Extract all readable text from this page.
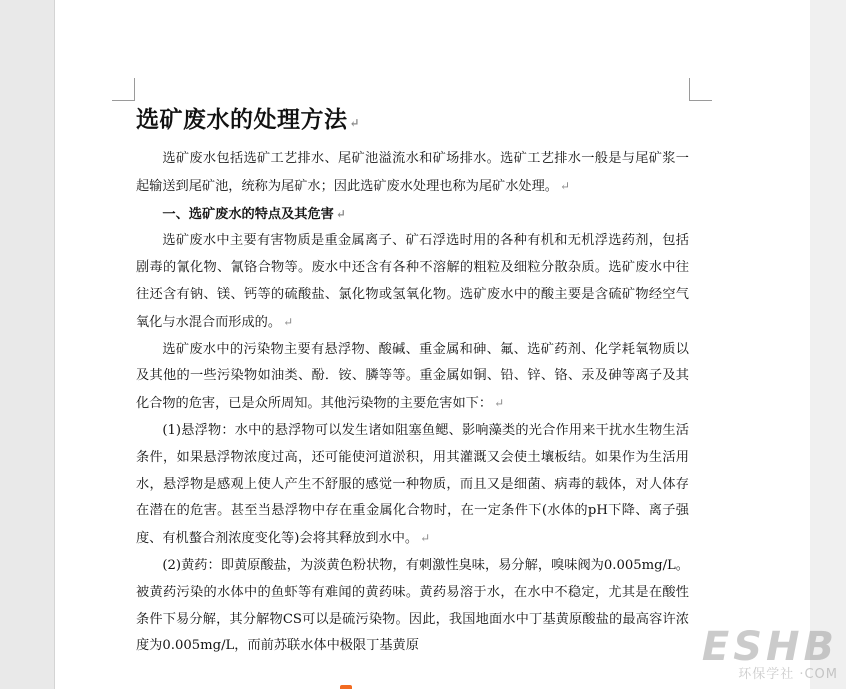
选矿废水的处理方法 ↵

选矿废水包括选矿工艺排水、尾矿池溢流水和矿场排水。选矿工艺排水一般是与尾矿浆一起输送到尾矿池，统称为尾矿水；因此选矿废水处理也称为尾矿水处理。 ↵

一、选矿废水的特点及其危害 ↵

选矿废水中主要有害物质是重金属离子、矿石浮选时用的各种有机和无机浮选药剂，包括剧毒的氰化物、氰铬合物等。废水中还含有各种不溶解的粗粒及细粒分散杂质。选矿废水中往往还含有钠、镁、钙等的硫酸盐、氯化物或氢氧化物。选矿废水中的酸主要是含硫矿物经空气氧化与水混合而形成的。 ↵

选矿废水中的污染物主要有悬浮物、酸碱、重金属和砷、氟、选矿药剂、化学耗氧物质以及其他的一些污染物如油类、酚．铵、膦等等。重金属如铜、铅、锌、铬、汞及砷等离子及其化合物的危害，已是众所周知。其他污染物的主要危害如下： ↵

(1)悬浮物：水中的悬浮物可以发生诸如阻塞鱼鳃、影响藻类的光合作用来干扰水生物生活条件，如果悬浮物浓度过高，还可能使河道淤积，用其灌溉又会使土壤板结。如果作为生活用水，悬浮物是感观上使人产生不舒服的感觉一种物质，而且又是细菌、病毒的载体，对人体存在潜在的危害。甚至当悬浮物中存在重金属化合物时，在一定条件下(水体的pH下降、离子强度、有机螯合剂浓度变化等)会将其释放到水中。 ↵

(2)黄药：即黄原酸盐，为淡黄色粉状物，有刺激性臭味，易分解，嗅味阀为0.005mg/L。被黄药污染的水体中的鱼虾等有难闻的黄药味。黄药易溶于水，在水中不稳定，尤其是在酸性条件下易分解，其分解物CS可以是硫污染物。因此，我国地面水中丁基黄原酸盐的最高容许浓度为0.005mg/L，而前苏联水体中极限丁基黄原	ESHB
环保学社 ·COM
